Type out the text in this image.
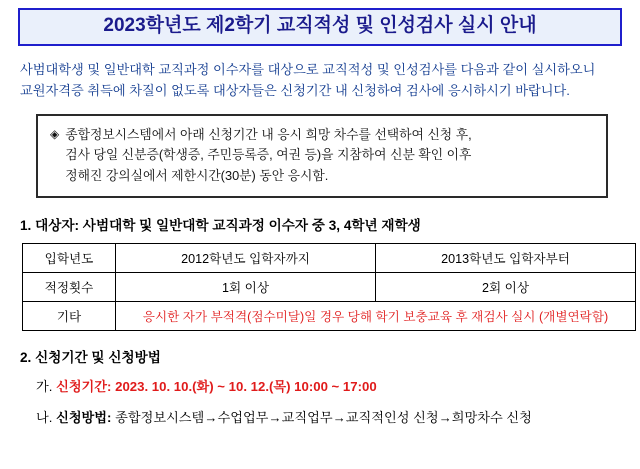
2023학년도 제2학기 교직적성 및 인성검사 실시 안내
사범대학생 및 일반대학 교직과정 이수자를 대상으로 교직적성 및 인성검사를 다음과 같이 실시하오니
교원자격증 취득에 차질이 없도록 대상자들은 신청기간 내 신청하여 검사에 응시하시기 바랍니다.
◈ 종합정보시스템에서 아래 신청기간 내 응시 희망 차수를 선택하여 신청 후,
검사 당일 신분증(학생증, 주민등록증, 여권 등)을 지참하여 신분 확인 이후
정해진 강의실에서 제한시간(30분) 동안 응시함.
1. 대상자: 사범대학 및 일반대학 교직과정 이수자 중 3, 4학년 재학생
입학년도	2012학년도 입학자까지	2013학년도 입학자부터
적정횟수	1회 이상	2회 이상
기타	응시한 자가 부적격(점수미달)일 경우 당해 학기 보충교육 후 재검사 실시 (개별연락함)	
2. 신청기간 및 신청방법
가. 신청기간: 2023. 10. 10.(화) ~ 10. 12.(목) 10:00 ~ 17:00
나. 신청방법: 종합정보시스템→수업업무→교직업무→교직적인성 신청→희망차수 신청
